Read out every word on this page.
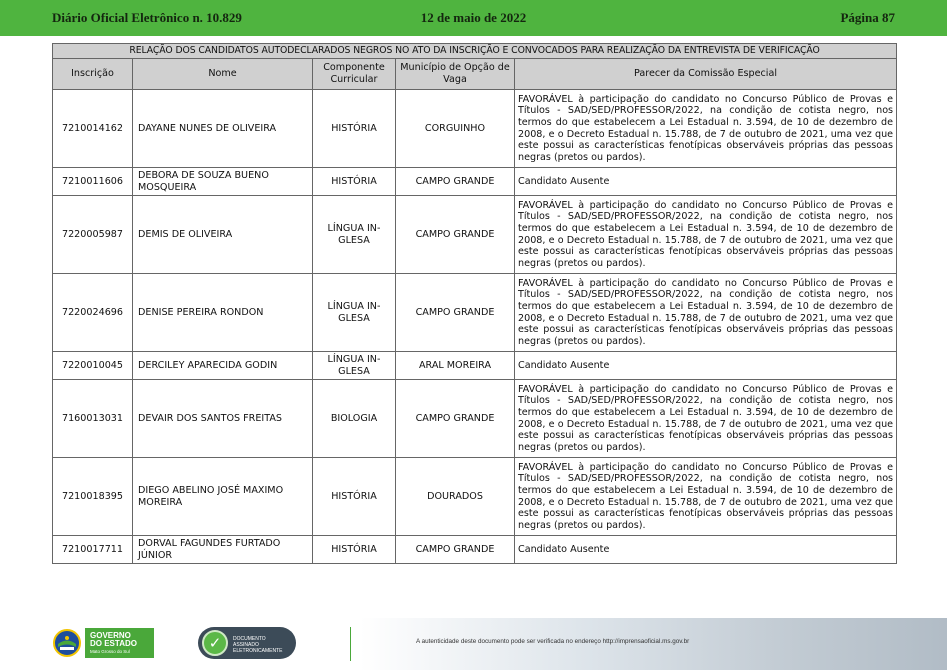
Diário Oficial Eletrônico n. 10.829	12 de maio de 2022	Página 87
RELAÇÃO DOS CANDIDATOS AUTODECLARADOS NEGROS NO ATO DA INSCRIÇÃO E CONVOCADOS PARA REALIZAÇÃO DA ENTREVISTA DE VERIFICAÇÃO				
Inscrição	Nome	Componente Curricular	Município de Opção de Vaga	Parecer da Comissão Especial
7210014162	DAYANE NUNES DE OLIVEIRA	HISTÓRIA	CORGUINHO	FAVORÁVEL à participação do candidato no Concurso Público de Provas e Títulos - SAD/SED/PROFESSOR/2022, na condição de cotista negro, nos termos do que estabelecem a Lei Estadual n. 3.594, de 10 de dezembro de 2008, e o Decreto Estadual n. 15.788, de 7 de outubro de 2021, uma vez que este possui as características fenotípicas observáveis próprias das pessoas negras (pretos ou pardos).
7210011606	DEBORA DE SOUZA BUENO MOSQUEIRA	HISTÓRIA	CAMPO GRANDE	Candidato Ausente
7220005987	DEMIS DE OLIVEIRA	LÍNGUA IN-GLESA	CAMPO GRANDE	FAVORÁVEL à participação do candidato no Concurso Público de Provas e Títulos - SAD/SED/PROFESSOR/2022, na condição de cotista negro, nos termos do que estabelecem a Lei Estadual n. 3.594, de 10 de dezembro de 2008, e o Decreto Estadual n. 15.788, de 7 de outubro de 2021, uma vez que este possui as características fenotípicas observáveis próprias das pessoas negras (pretos ou pardos).
7220024696	DENISE PEREIRA RONDON	LÍNGUA IN-GLESA	CAMPO GRANDE	FAVORÁVEL à participação do candidato no Concurso Público de Provas e Títulos - SAD/SED/PROFESSOR/2022, na condição de cotista negro, nos termos do que estabelecem a Lei Estadual n. 3.594, de 10 de dezembro de 2008, e o Decreto Estadual n. 15.788, de 7 de outubro de 2021, uma vez que este possui as características fenotípicas observáveis próprias das pessoas negras (pretos ou pardos).
7220010045	DERCILEY APARECIDA GODIN	LÍNGUA IN-GLESA	ARAL MOREIRA	Candidato Ausente
7160013031	DEVAIR DOS SANTOS FREITAS	BIOLOGIA	CAMPO GRANDE	FAVORÁVEL à participação do candidato no Concurso Público de Provas e Títulos - SAD/SED/PROFESSOR/2022, na condição de cotista negro, nos termos do que estabelecem a Lei Estadual n. 3.594, de 10 de dezembro de 2008, e o Decreto Estadual n. 15.788, de 7 de outubro de 2021, uma vez que este possui as características fenotípicas observáveis próprias das pessoas negras (pretos ou pardos).
7210018395	DIEGO ABELINO JOSÉ MAXIMO MOREIRA	HISTÓRIA	DOURADOS	FAVORÁVEL à participação do candidato no Concurso Público de Provas e Títulos - SAD/SED/PROFESSOR/2022, na condição de cotista negro, nos termos do que estabelecem a Lei Estadual n. 3.594, de 10 de dezembro de 2008, e o Decreto Estadual n. 15.788, de 7 de outubro de 2021, uma vez que este possui as características fenotípicas observáveis próprias das pessoas negras (pretos ou pardos).
7210017711	DORVAL FAGUNDES FURTADO JÚNIOR	HISTÓRIA	CAMPO GRANDE	Candidato Ausente
GOVERNO
DO ESTADO
Mato Grosso do Sul	✓	DOCUMENTO
ASSINADO
ELETRONICAMENTE
A autenticidade deste documento pode ser verificada no endereço http://imprensaoficial.ms.gov.br
